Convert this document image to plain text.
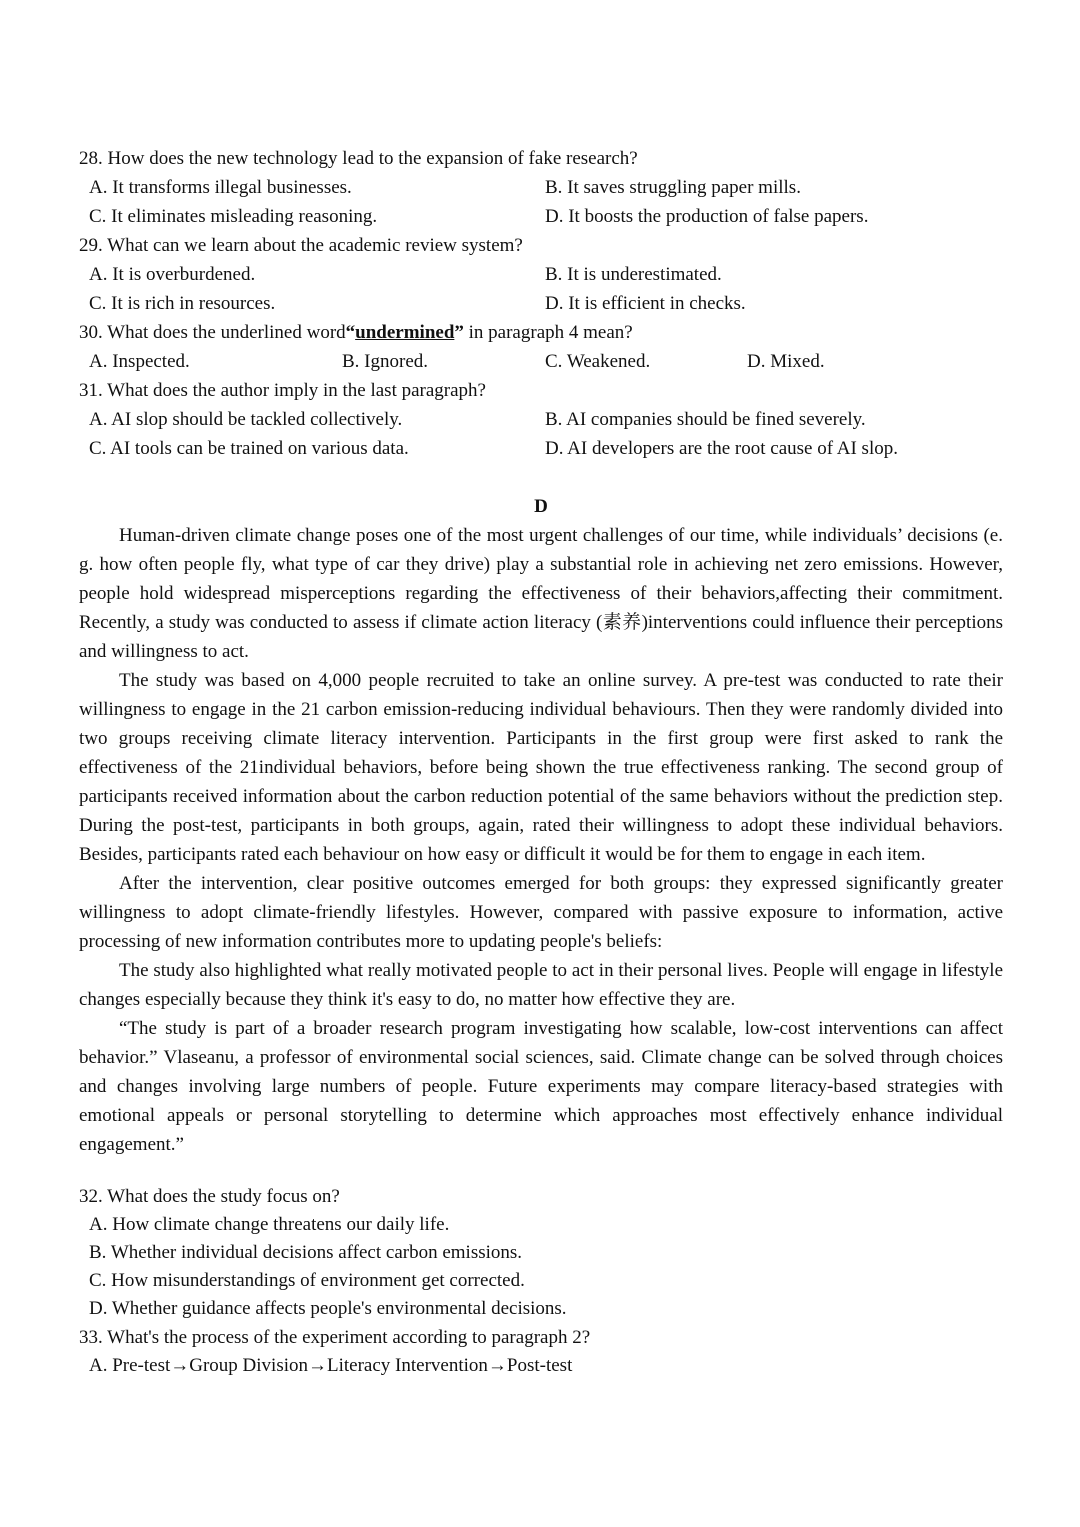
28. How does the new technology lead to the expansion of fake research?
A. It transforms illegal businesses.	B. It saves struggling paper mills.
C. It eliminates misleading reasoning.	D. It boosts the production of false papers.
29. What can we learn about the academic review system?
A. It is overburdened.	B. It is underestimated.
C. It is rich in resources.	D. It is efficient in checks.
30. What does the underlined word“undermined” in paragraph 4 mean?
A. Inspected.	B. Ignored.	C. Weakened.	D. Mixed.
31. What does the author imply in the last paragraph?
A. AI slop should be tackled collectively.	B. AI companies should be fined severely.
C. AI tools can be trained on various data.	D. AI developers are the root cause of AI slop.
D

Human-driven climate change poses one of the most urgent challenges of our time, while individuals’ decisions (e. g. how often people fly, what type of car they drive) play a substantial role in achieving net zero emissions. However, people hold widespread misperceptions regarding the effectiveness of their behaviors,affecting their commitment. Recently, a study was conducted to assess if climate action literacy (素养)interventions could influence their perceptions and willingness to act.

The study was based on 4,000 people recruited to take an online survey. A pre-test was conducted to rate their willingness to engage in the 21 carbon emission-reducing individual behaviours. Then they were randomly divided into two groups receiving climate literacy intervention. Participants in the first group were first asked to rank the effectiveness of the 21individual behaviors, before being shown the true effectiveness ranking. The second group of participants received information about the carbon reduction potential of the same behaviors without the prediction step. During the post-test, participants in both groups, again, rated their willingness to adopt these individual behaviors. Besides, participants rated each behaviour on how easy or difficult it would be for them to engage in each item.

After the intervention, clear positive outcomes emerged for both groups: they expressed significantly greater willingness to adopt climate-friendly lifestyles. However, compared with passive exposure to information, active processing of new information contributes more to updating people's beliefs:

The study also highlighted what really motivated people to act in their personal lives. People will engage in lifestyle changes especially because they think it's easy to do, no matter how effective they are.

“The study is part of a broader research program investigating how scalable, low-cost interventions can affect behavior.” Vlaseanu, a professor of environmental social sciences, said. Climate change can be solved through choices and changes involving large numbers of people. Future experiments may compare literacy-based strategies with emotional appeals or personal storytelling to determine which approaches most effectively enhance individual engagement.”

32. What does the study focus on?
A. How climate change threatens our daily life.
B. Whether individual decisions affect carbon emissions.
C. How misunderstandings of environment get corrected.
D. Whether guidance affects people's environmental decisions.
33. What's the process of the experiment according to paragraph 2?
A. Pre-test→Group Division→Literacy Intervention→Post-test
